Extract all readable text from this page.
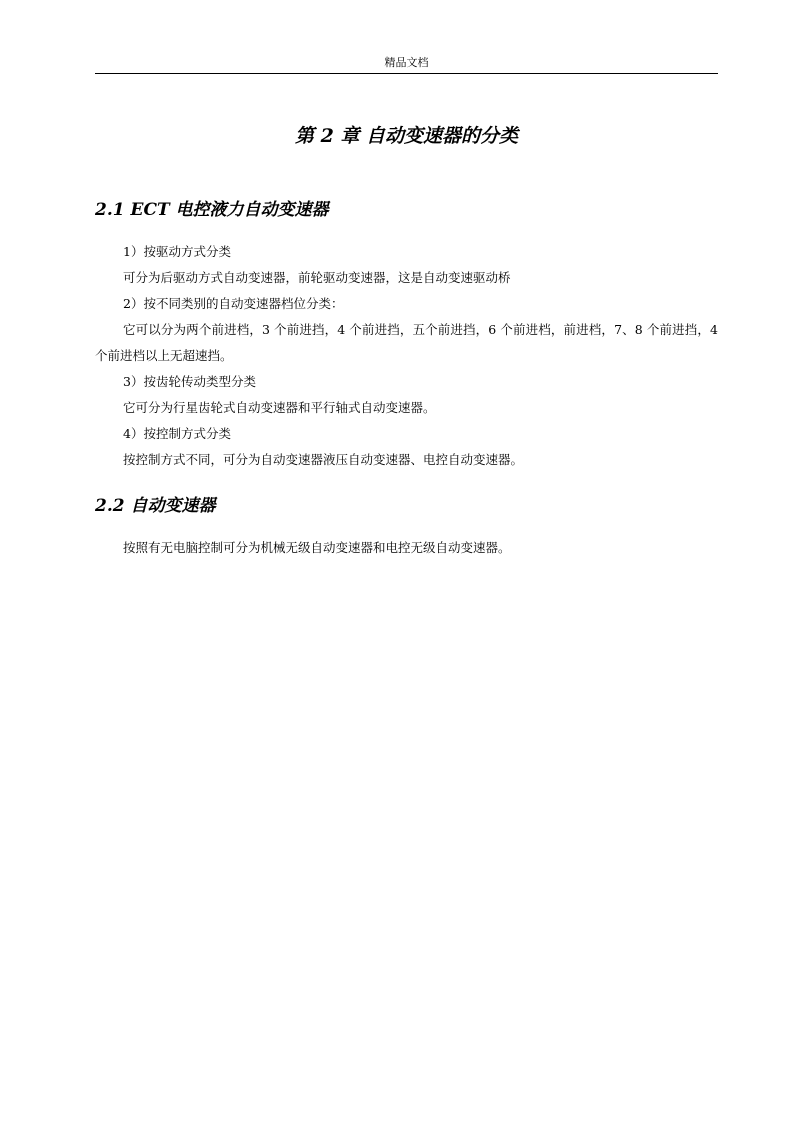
精品文档
第 2 章 自动变速器的分类
2.1 ECT 电控液力自动变速器

1）按驱动方式分类

可分为后驱动方式自动变速器，前轮驱动变速器，这是自动变速驱动桥

2）按不同类别的自动变速器档位分类：

它可以分为两个前进档，3 个前进挡，4 个前进挡，五个前进挡，6 个前进档，前进档，7、8 个前进挡，4 个前进档以上无超速挡。

3）按齿轮传动类型分类

它可分为行星齿轮式自动变速器和平行轴式自动变速器。

4）按控制方式分类

按控制方式不同，可分为自动变速器液压自动变速器、电控自动变速器。

2.2 自动变速器

按照有无电脑控制可分为机械无级自动变速器和电控无级自动变速器。
